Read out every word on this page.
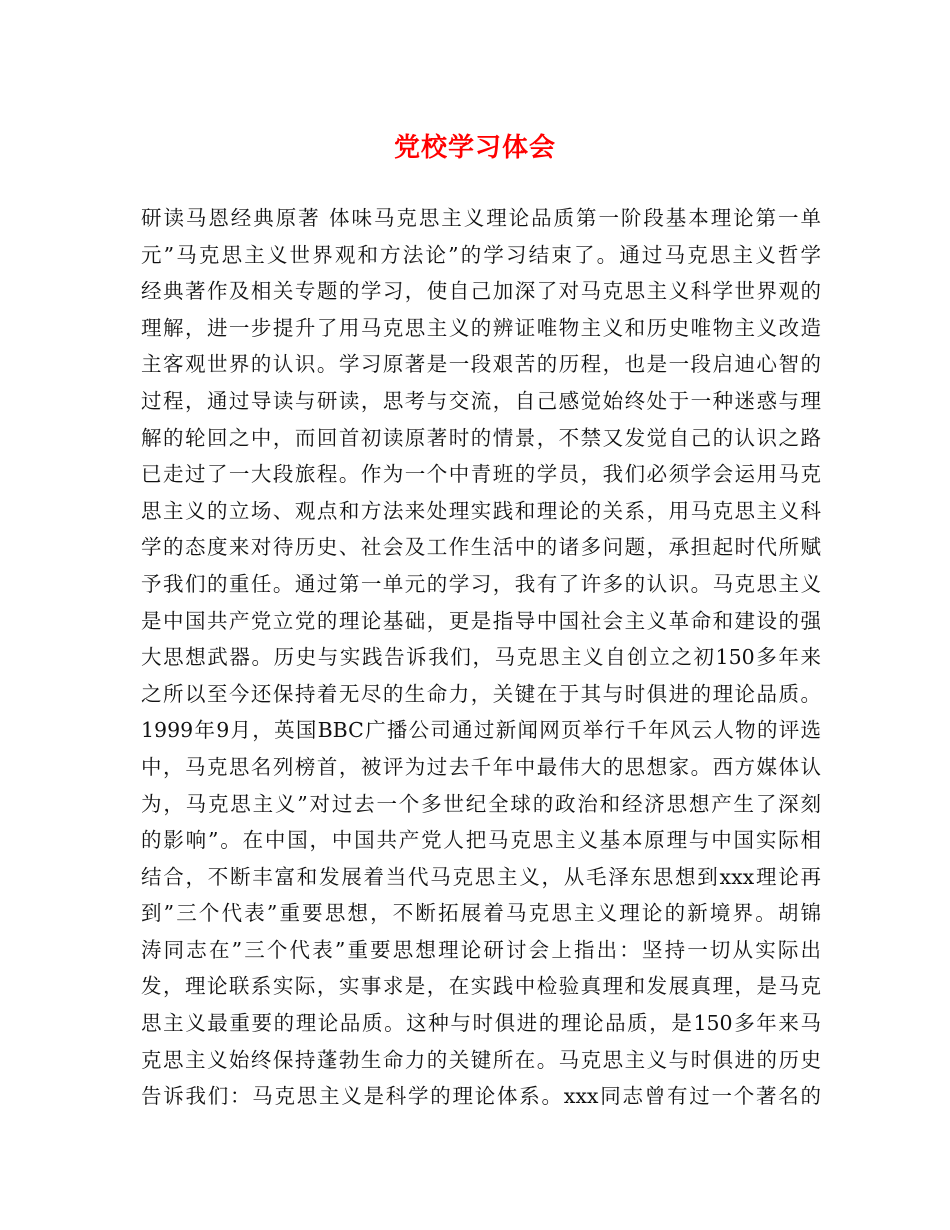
党校学习体会
研读马恩经典原著 体味马克思主义理论品质第一阶段基本理论第一单
元”马克思主义世界观和方法论”的学习结束了。通过马克思主义哲学
经典著作及相关专题的学习，使自己加深了对马克思主义科学世界观的
理解，进一步提升了用马克思主义的辨证唯物主义和历史唯物主义改造
主客观世界的认识。学习原著是一段艰苦的历程，也是一段启迪心智的
过程，通过导读与研读，思考与交流，自己感觉始终处于一种迷惑与理
解的轮回之中，而回首初读原著时的情景，不禁又发觉自己的认识之路
已走过了一大段旅程。作为一个中青班的学员，我们必须学会运用马克
思主义的立场、观点和方法来处理实践和理论的关系，用马克思主义科
学的态度来对待历史、社会及工作生活中的诸多问题，承担起时代所赋
予我们的重任。通过第一单元的学习，我有了许多的认识。马克思主义
是中国共产党立党的理论基础，更是指导中国社会主义革命和建设的强
大思想武器。历史与实践告诉我们，马克思主义自创立之初150多年来
之所以至今还保持着无尽的生命力，关键在于其与时俱进的理论品质。
1999年9月，英国BBC广播公司通过新闻网页举行千年风云人物的评选
中，马克思名列榜首，被评为过去千年中最伟大的思想家。西方媒体认
为，马克思主义”对过去一个多世纪全球的政治和经济思想产生了深刻
的影响”。在中国，中国共产党人把马克思主义基本原理与中国实际相
结合，不断丰富和发展着当代马克思主义，从毛泽东思想到xxx理论再
到”三个代表”重要思想，不断拓展着马克思主义理论的新境界。胡锦
涛同志在”三个代表”重要思想理论研讨会上指出：坚持一切从实际出
发，理论联系实际，实事求是，在实践中检验真理和发展真理，是马克
思主义最重要的理论品质。这种与时俱进的理论品质，是150多年来马
克思主义始终保持蓬勃生命力的关键所在。马克思主义与时俱进的历史
告诉我们：马克思主义是科学的理论体系。xxx同志曾有过一个著名的
